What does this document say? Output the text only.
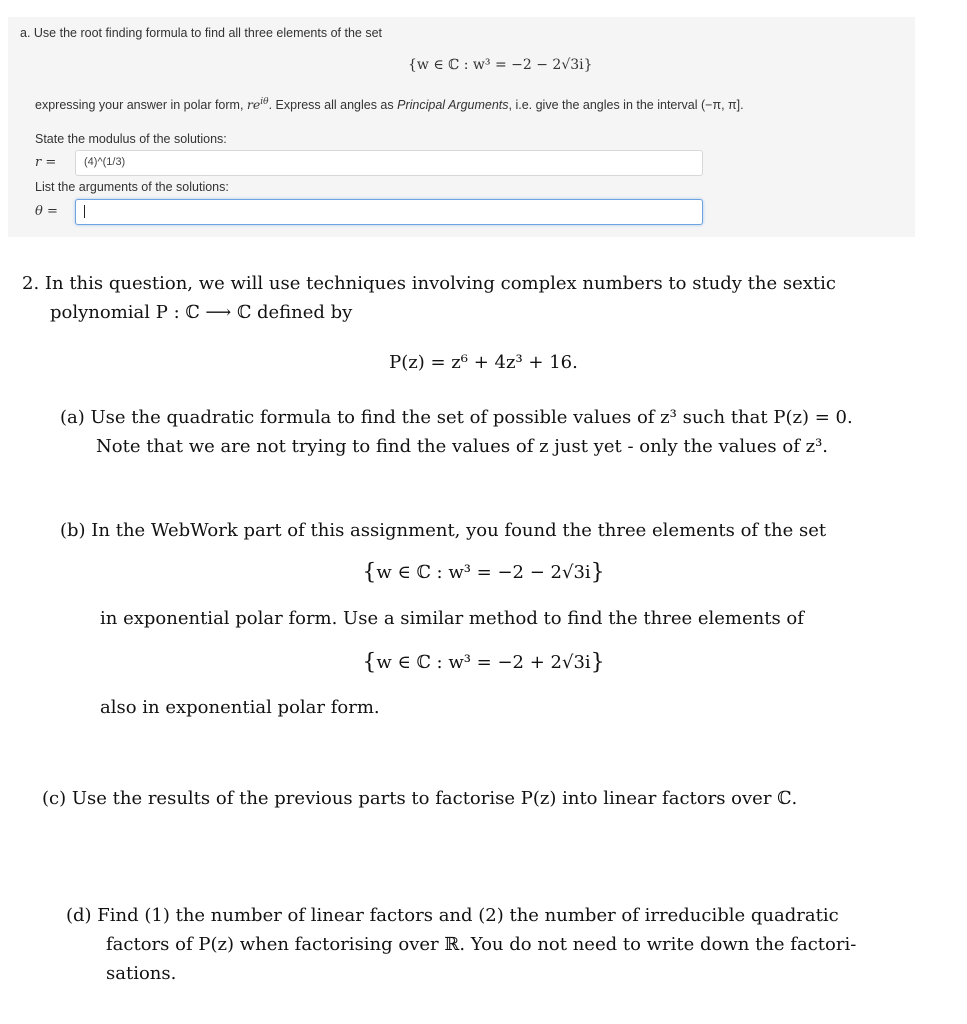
a. Use the root finding formula to find all three elements of the set
{w ∈ ℂ : w³ = −2 − 2√3i}
expressing your answer in polar form, $re^{i\theta}$. Express all angles as Principal Arguments, i.e. give the angles in the interval (−π, π].
State the modulus of the solutions:
r =	(4)^(1/3)
List the arguments of the solutions:
θ =
2. In this question, we will use techniques involving complex numbers to study the sextic
polynomial P : ℂ ⟶ ℂ defined by
P(z) = z⁶ + 4z³ + 16.
(a) Use the quadratic formula to find the set of possible values of z³ such that P(z) = 0.
Note that we are not trying to find the values of z just yet - only the values of z³.
(b) In the WebWork part of this assignment, you found the three elements of the set
{w ∈ ℂ : w³ = −2 − 2√3i}
in exponential polar form. Use a similar method to find the three elements of
{w ∈ ℂ : w³ = −2 + 2√3i}
also in exponential polar form.
(c) Use the results of the previous parts to factorise P(z) into linear factors over ℂ.
(d) Find (1) the number of linear factors and (2) the number of irreducible quadratic
factors of P(z) when factorising over ℝ. You do not need to write down the factori-
sations.
